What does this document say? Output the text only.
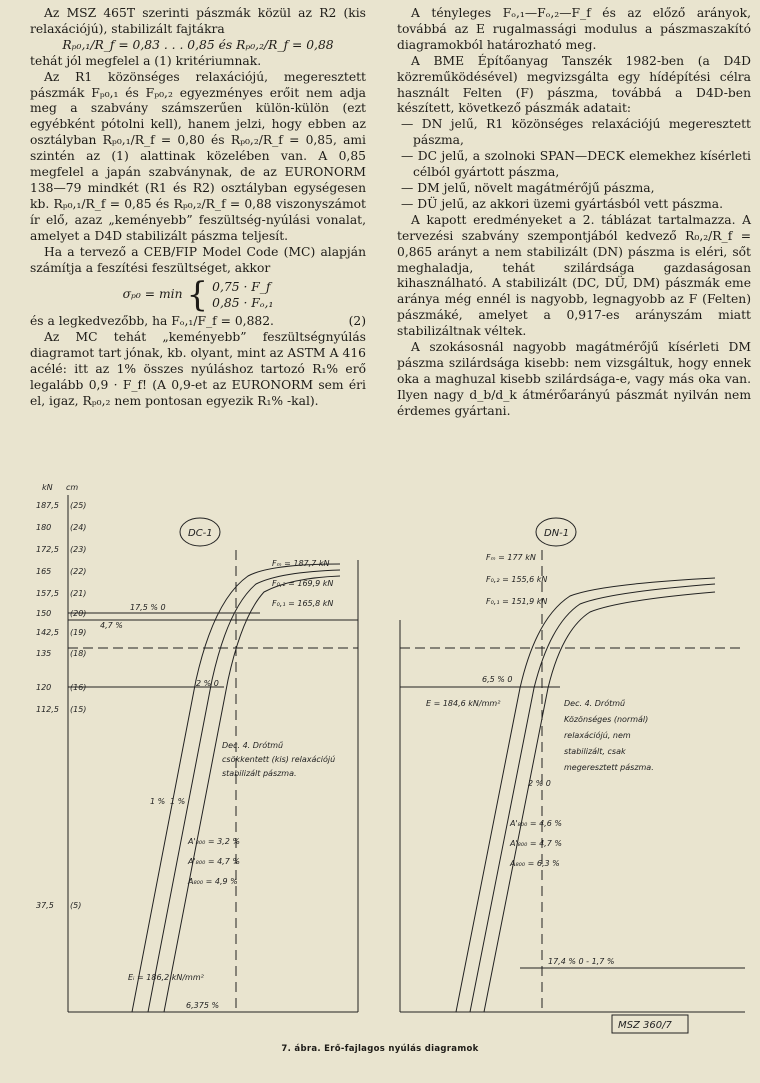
Az MSZ 465T szerinti pászmák közül az R2 (kis relaxációjú), stabilizált fajtákra

Rₚ₀,₁/R_f = 0,83 . . . 0,85 és Rₚ₀,₂/R_f = 0,88

tehát jól megfelel a (1) kritériumnak.

Az R1 közönséges relaxációjú, megeresztett pászmák Fₚ₀,₁ és Fₚ₀,₂ egyezményes erőit nem adja meg a szabvány számszerűen külön-külön (ezt egyébként pótolni kell), hanem jelzi, hogy ebben az osztályban Rₚ₀,₁/R_f = 0,80 és Rₚ₀,₂/R_f = 0,85, ami szintén az (1) alattinak közelében van. A 0,85 megfelel a japán szabványnak, de az EURONORM 138—79 mindkét (R1 és R2) osztályban egységesen kb. Rₚ₀,₁/R_f = 0,85 és Rₚ₀,₂/R_f = 0,88 viszonyszámot ír elő, azaz „keményebb” feszültség-nyúlási vonalat, amelyet a D4D stabilizált pászma teljesít.

Ha a tervező a CEB/FIP Model Code (MC) alapján számítja a feszítési feszültséget, akkor

σₚ₀ = min { 0,75 · F_f
0,85 · Fₒ,₁
és a legkedvezőbb, ha Fₒ,₁/F_f = 0,882.	(2)

Az MC tehát „keményebb” feszültségnyúlás diagramot tart jónak, kb. olyant, mint az ASTM A 416 acélé: itt az 1% összes nyúláshoz tartozó R₁% erő legalább 0,9 · F_f! (A 0,9-et az EURONORM sem éri el, igaz, Rₚ₀,₂ nem pontosan egyezik R₁% -kal).

A tényleges Fₒ,₁—Fₒ,₂—F_f és az előző arányok, továbbá az E rugalmassági modulus a pászmaszakító diagramokból határozható meg.

A BME Építőanyag Tanszék 1982-ben (a D4D közreműködésével) megvizsgálta egy hídépítési célra használt Felten (F) pászma, továbbá a D4D-ben készített, következő pászmák adatait:

— DN jelű, R1 közönséges relaxációjú megeresztett pászma,

— DC jelű, a szolnoki SPAN—DECK elemekhez kísérleti célból gyártott pászma,

— DM jelű, növelt magátmérőjű pászma,

— DÜ jelű, az akkori üzemi gyártásból vett pászma.

A kapott eredményeket a 2. táblázat tartalmazza. A tervezési szabvány szempontjából kedvező R₀,₂/R_f = 0,865 arányt a nem stabilizált (DN) pászma is eléri, sőt meghaladja, tehát szilárdsága gazdaságosan kihasználható. A stabilizált (DC, DÜ, DM) pászmák eme aránya még ennél is nagyobb, legnagyobb az F (Felten) pászmáké, amelyet a 0,917-es arányszám miatt stabilizáltnak véltek.

A szokásosnál nagyobb magátmérőjű kísérleti DM pászma szilárdsága kisebb: nem vizsgáltuk, hogy ennek oka a maghuzal kisebb szilárdsága-e, vagy más oka van. Ilyen nagy d_b/d_k átmérőarányú pászmát nyilván nem érdemes gyártani.

kN cm
187,5
180
172,5
165
157,5
150
142,5
135
120
112,5
37,5
(25)
(24)
(23)
(22)
(21)
(20)
(19)
(18)
(16)
(15)
(5)
DC-1
Fₘ = 187,7 kN
F₀,₂ = 169,9 kN
F₀,₁ = 165,8 kN
17,5 % 0
4,7 %
2 % 0
1 % 1 %
Dec. 4. Drótmű
csökkentett (kis) relaxációjú
stabilizált pászma.
A'₈₀₀ = 3,2 %
A'₈₀₀ = 4,7 %
A₈₀₀ = 4,9 %
Eᵢ = 186,2 kN/mm²
6,375 %
DN-1
Fₘ = 177 kN
F₀,₂ = 155,6 kN
F₀,₁ = 151,9 kN
6,5 % 0
E = 184,6 kN/mm²
2 % 0
Dec. 4. Drótmű
Közönséges (normál)
relaxációjú, nem
stabilizált, csak
megeresztett pászma.
A'₈₀₀ = 4,6 %
A'₈₀₀ = 4,7 %
A₈₀₀ = 6,3 %
17,4 % 0 - 1,7 %
MSZ 360/7
7. ábra. Erő-fajlagos nyúlás diagramok
